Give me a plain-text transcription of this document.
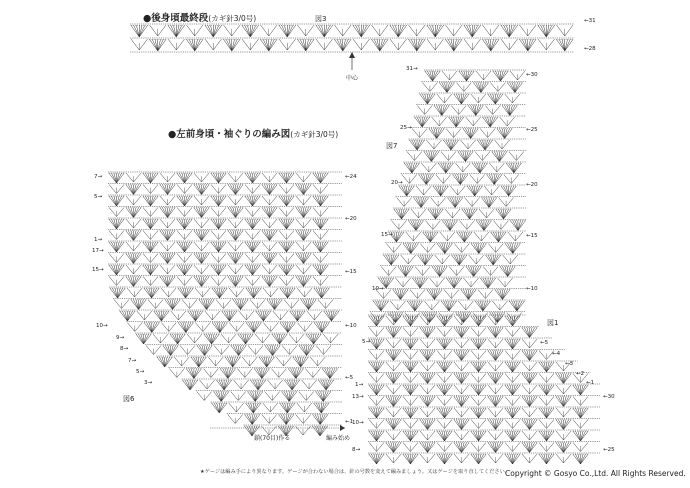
●後身頃最終段(カギ針3/0号)
●左前身頃・袖ぐりの編み図(カギ針3/0号)
図3
図7
図1
図6
中心
鎖(70目)作る	編み始め
←31
←28
31→
25→
20→
15→
10→
5→
1→
13→
10→
8→
←30
←25
←20
←15
←10
←5
←4
←3
←2
←1
←30
←25
7→
5→
1→
17→
15→
10→
9→
8→
7→
5→
3→
←24
←20
←15
←10
←5
←1
★ゲージは編み手により異なります。ゲージが合わない場合は、針の号数を変えて編みましょう。又はゲージを取り直してください。
Copyright © Gosyo Co.,Ltd. All Rights Reserved.
